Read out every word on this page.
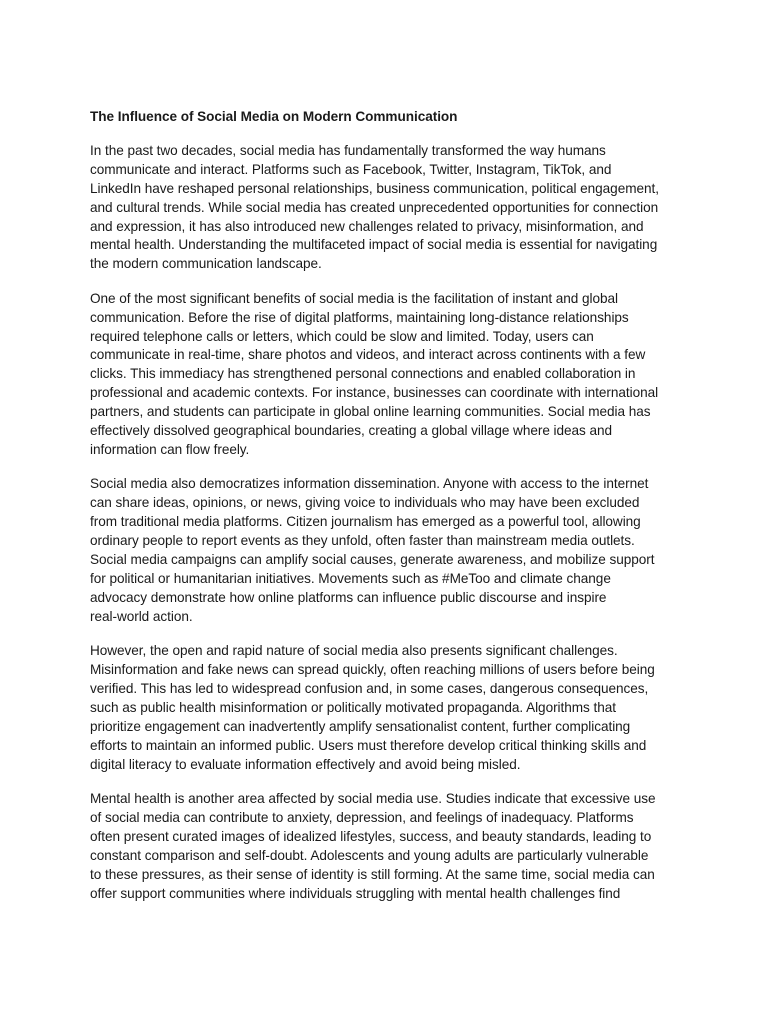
The Influence of Social Media on Modern Communication

In the past two decades, social media has fundamentally transformed the way humans
communicate and interact. Platforms such as Facebook, Twitter, Instagram, TikTok, and
LinkedIn have reshaped personal relationships, business communication, political engagement,
and cultural trends. While social media has created unprecedented opportunities for connection
and expression, it has also introduced new challenges related to privacy, misinformation, and
mental health. Understanding the multifaceted impact of social media is essential for navigating
the modern communication landscape.

One of the most significant benefits of social media is the facilitation of instant and global
communication. Before the rise of digital platforms, maintaining long-distance relationships
required telephone calls or letters, which could be slow and limited. Today, users can
communicate in real-time, share photos and videos, and interact across continents with a few
clicks. This immediacy has strengthened personal connections and enabled collaboration in
professional and academic contexts. For instance, businesses can coordinate with international
partners, and students can participate in global online learning communities. Social media has
effectively dissolved geographical boundaries, creating a global village where ideas and
information can flow freely.

Social media also democratizes information dissemination. Anyone with access to the internet
can share ideas, opinions, or news, giving voice to individuals who may have been excluded
from traditional media platforms. Citizen journalism has emerged as a powerful tool, allowing
ordinary people to report events as they unfold, often faster than mainstream media outlets.
Social media campaigns can amplify social causes, generate awareness, and mobilize support
for political or humanitarian initiatives. Movements such as #MeToo and climate change
advocacy demonstrate how online platforms can influence public discourse and inspire
real-world action.

However, the open and rapid nature of social media also presents significant challenges.
Misinformation and fake news can spread quickly, often reaching millions of users before being
verified. This has led to widespread confusion and, in some cases, dangerous consequences,
such as public health misinformation or politically motivated propaganda. Algorithms that
prioritize engagement can inadvertently amplify sensationalist content, further complicating
efforts to maintain an informed public. Users must therefore develop critical thinking skills and
digital literacy to evaluate information effectively and avoid being misled.

Mental health is another area affected by social media use. Studies indicate that excessive use
of social media can contribute to anxiety, depression, and feelings of inadequacy. Platforms
often present curated images of idealized lifestyles, success, and beauty standards, leading to
constant comparison and self-doubt. Adolescents and young adults are particularly vulnerable
to these pressures, as their sense of identity is still forming. At the same time, social media can
offer support communities where individuals struggling with mental health challenges find
